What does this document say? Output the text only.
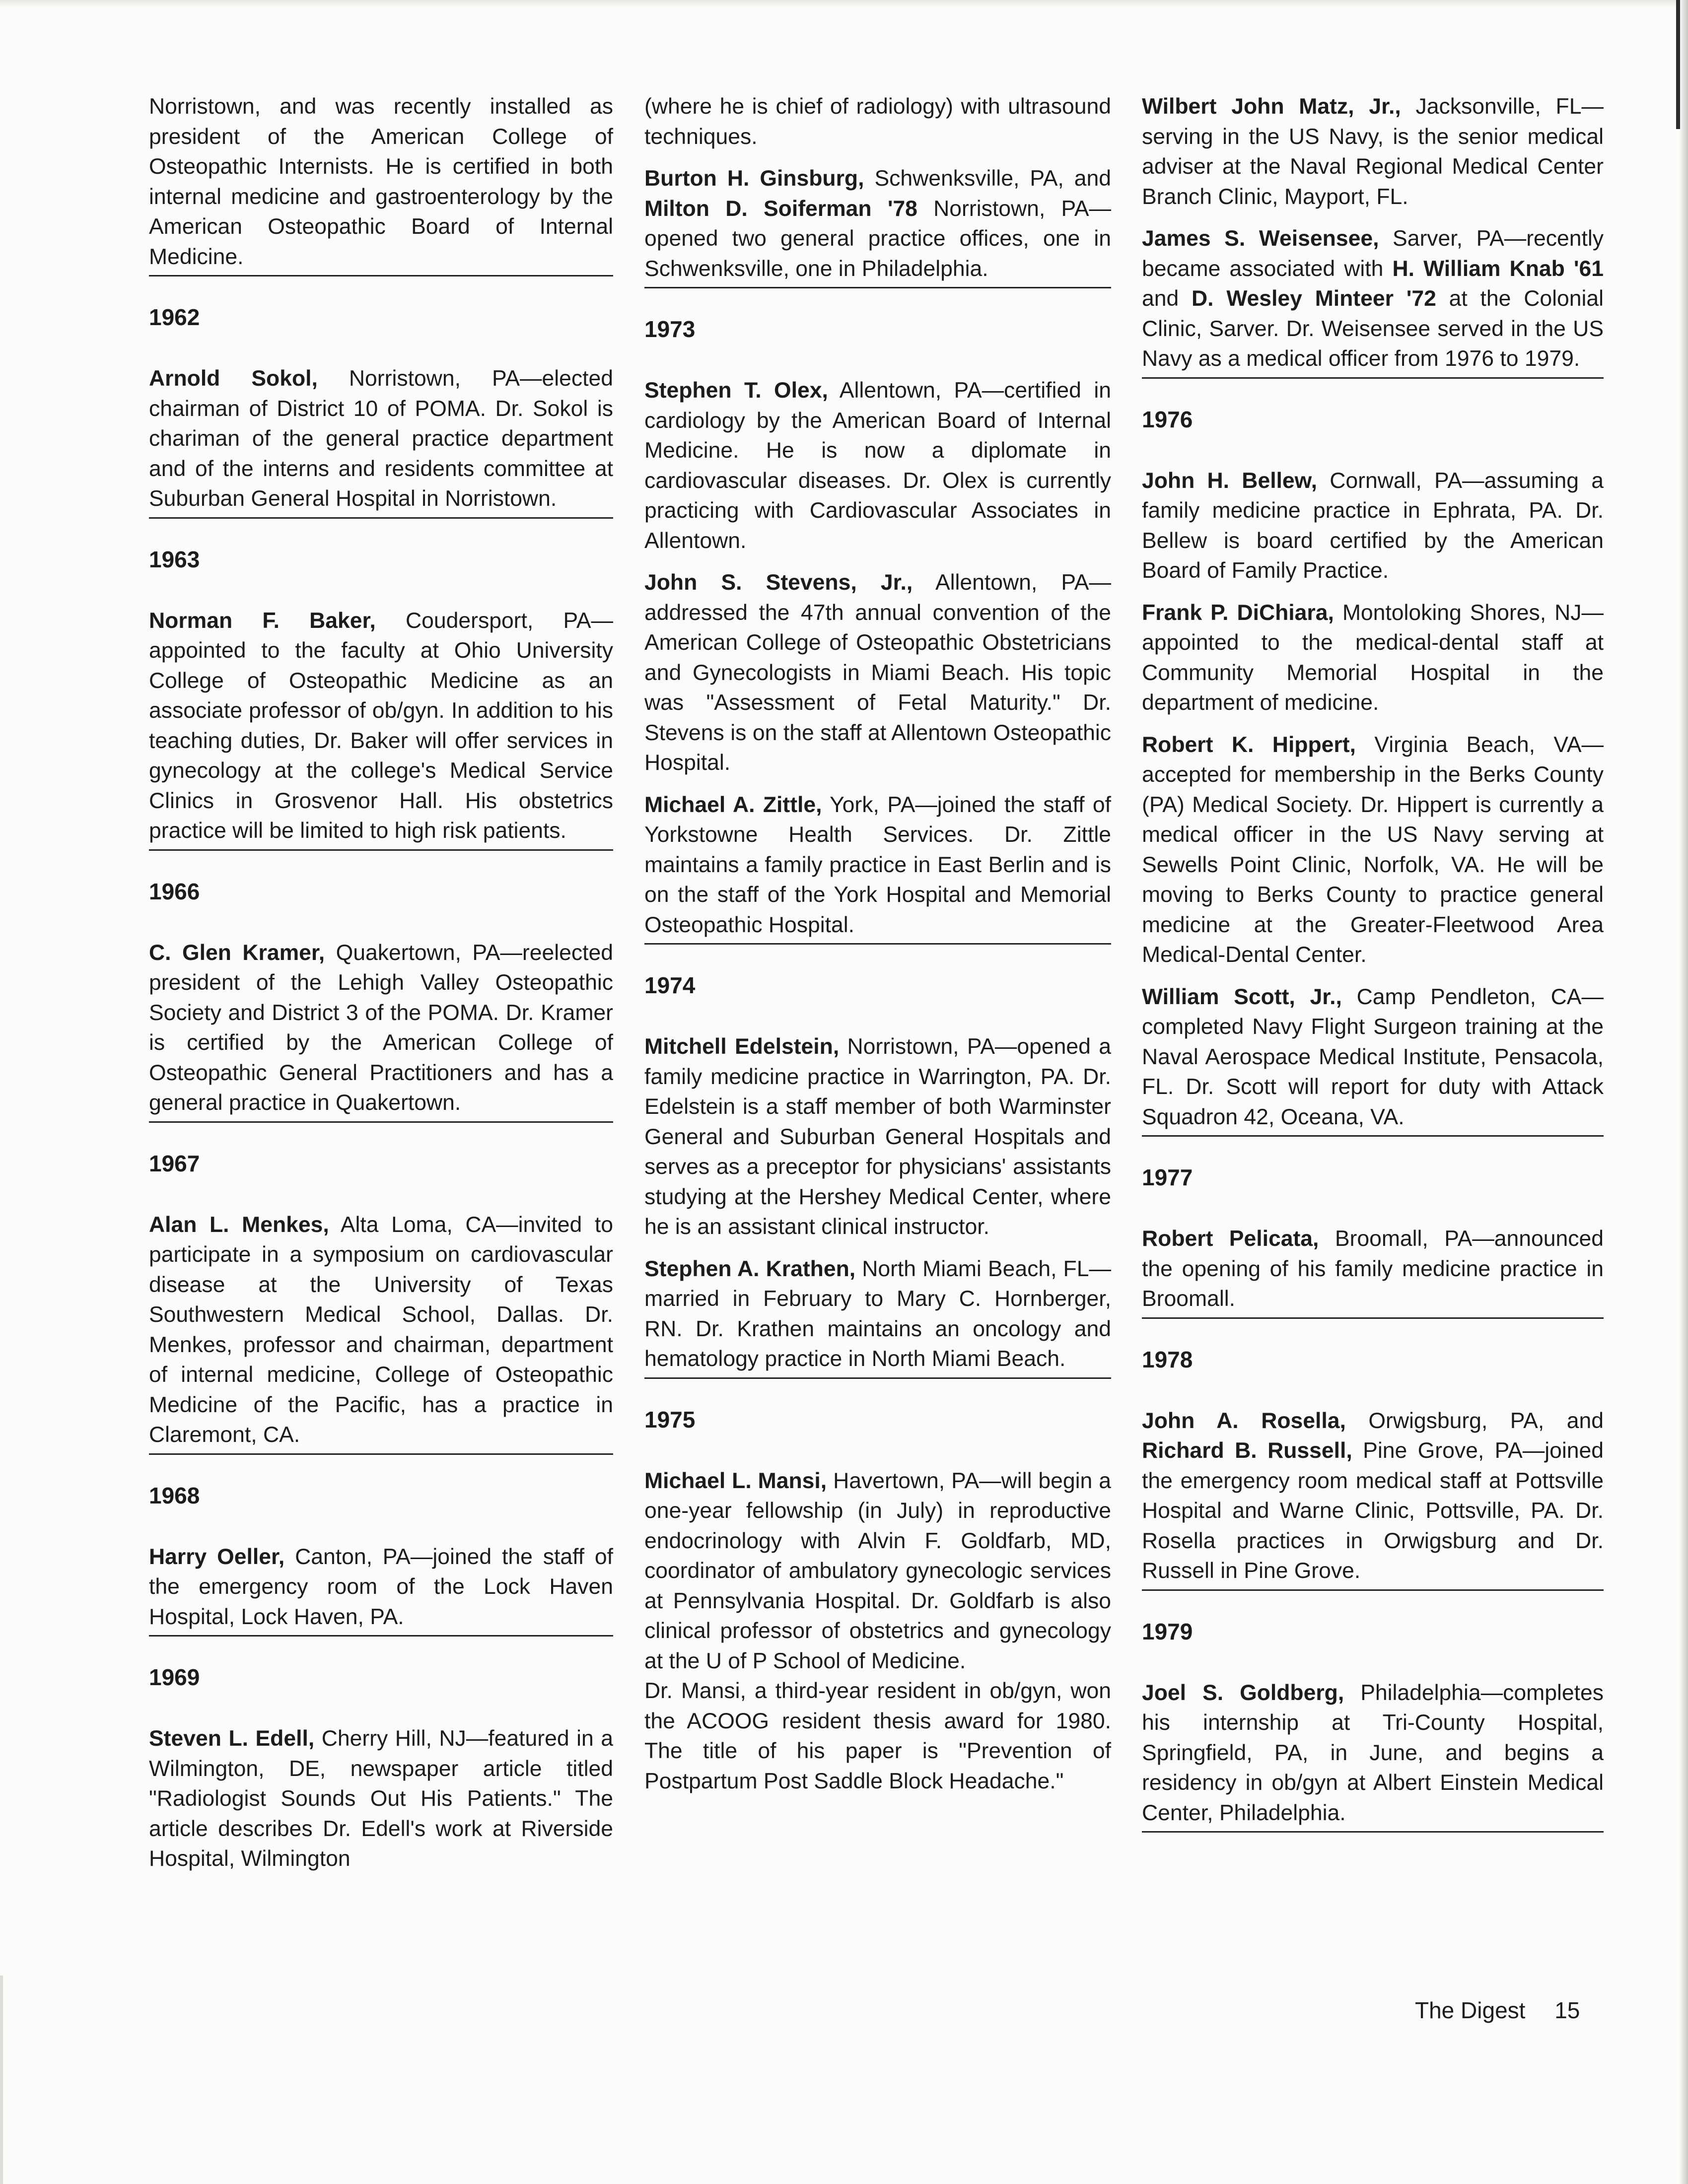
Norristown, and was recently installed as president of the American College of Osteopathic Internists. He is certified in both internal medicine and gastroenterology by the American Osteopathic Board of Internal Medicine.

1962

Arnold Sokol, Norristown, PA—elected chairman of District 10 of POMA. Dr. Sokol is chariman of the general practice department and of the interns and residents committee at Suburban General Hospital in Norristown.

1963

Norman F. Baker, Coudersport, PA—appointed to the faculty at Ohio University College of Osteopathic Medicine as an associate professor of ob/gyn. In addition to his teaching duties, Dr. Baker will offer services in gynecology at the college's Medical Service Clinics in Grosvenor Hall. His obstetrics practice will be limited to high risk patients.

1966

C. Glen Kramer, Quakertown, PA—reelected president of the Lehigh Valley Osteopathic Society and District 3 of the POMA. Dr. Kramer is certified by the American College of Osteopathic General Practitioners and has a general practice in Quakertown.

1967

Alan L. Menkes, Alta Loma, CA—invited to participate in a symposium on cardiovascular disease at the University of Texas Southwestern Medical School, Dallas. Dr. Menkes, professor and chairman, department of internal medicine, College of Osteopathic Medicine of the Pacific, has a practice in Claremont, CA.

1968

Harry Oeller, Canton, PA—joined the staff of the emergency room of the Lock Haven Hospital, Lock Haven, PA.

1969

Steven L. Edell, Cherry Hill, NJ—featured in a Wilmington, DE, newspaper article titled "Radiologist Sounds Out His Patients." The article describes Dr. Edell's work at Riverside Hospital, Wilmington

(where he is chief of radiology) with ultrasound techniques.

Burton H. Ginsburg, Schwenksville, PA, and Milton D. Soiferman '78 Norristown, PA—opened two general practice offices, one in Schwenksville, one in Philadelphia.

1973

Stephen T. Olex, Allentown, PA—certified in cardiology by the American Board of Internal Medicine. He is now a diplomate in cardiovascular diseases. Dr. Olex is currently practicing with Cardiovascular Associates in Allentown.

John S. Stevens, Jr., Allentown, PA—addressed the 47th annual convention of the American College of Osteopathic Obstetricians and Gynecologists in Miami Beach. His topic was "Assessment of Fetal Maturity." Dr. Stevens is on the staff at Allentown Osteopathic Hospital.

Michael A. Zittle, York, PA—joined the staff of Yorkstowne Health Services. Dr. Zittle maintains a family practice in East Berlin and is on the staff of the York Hospital and Memorial Osteopathic Hospital.

1974

Mitchell Edelstein, Norristown, PA—opened a family medicine practice in Warrington, PA. Dr. Edelstein is a staff member of both Warminster General and Suburban General Hospitals and serves as a preceptor for physicians' assistants studying at the Hershey Medical Center, where he is an assistant clinical instructor.

Stephen A. Krathen, North Miami Beach, FL—married in February to Mary C. Hornberger, RN. Dr. Krathen maintains an oncology and hematology practice in North Miami Beach.

1975

Michael L. Mansi, Havertown, PA—will begin a one-year fellowship (in July) in reproductive endocrinology with Alvin F. Goldfarb, MD, coordinator of ambulatory gynecologic services at Pennsylvania Hospital. Dr. Goldfarb is also clinical professor of obstetrics and gynecology at the U of P School of Medicine.

Dr. Mansi, a third-year resident in ob/gyn, won the ACOOG resident thesis award for 1980. The title of his paper is "Prevention of Postpartum Post Saddle Block Headache."

Wilbert John Matz, Jr., Jacksonville, FL—serving in the US Navy, is the senior medical adviser at the Naval Regional Medical Center Branch Clinic, Mayport, FL.

James S. Weisensee, Sarver, PA—recently became associated with H. William Knab '61 and D. Wesley Minteer '72 at the Colonial Clinic, Sarver. Dr. Weisensee served in the US Navy as a medical officer from 1976 to 1979.

1976

John H. Bellew, Cornwall, PA—assuming a family medicine practice in Ephrata, PA. Dr. Bellew is board certified by the American Board of Family Practice.

Frank P. DiChiara, Montoloking Shores, NJ—appointed to the medical-dental staff at Community Memorial Hospital in the department of medicine.

Robert K. Hippert, Virginia Beach, VA—accepted for membership in the Berks County (PA) Medical Society. Dr. Hippert is currently a medical officer in the US Navy serving at Sewells Point Clinic, Norfolk, VA. He will be moving to Berks County to practice general medicine at the Greater-Fleetwood Area Medical-Dental Center.

William Scott, Jr., Camp Pendleton, CA—completed Navy Flight Surgeon training at the Naval Aerospace Medical Institute, Pensacola, FL. Dr. Scott will report for duty with Attack Squadron 42, Oceana, VA.

1977

Robert Pelicata, Broomall, PA—announced the opening of his family medicine practice in Broomall.

1978

John A. Rosella, Orwigsburg, PA, and Richard B. Russell, Pine Grove, PA—joined the emergency room medical staff at Pottsville Hospital and Warne Clinic, Pottsville, PA. Dr. Rosella practices in Orwigsburg and Dr. Russell in Pine Grove.

1979

Joel S. Goldberg, Philadelphia—completes his internship at Tri-County Hospital, Springfield, PA, in June, and begins a residency in ob/gyn at Albert Einstein Medical Center, Philadelphia.

The Digest 15
